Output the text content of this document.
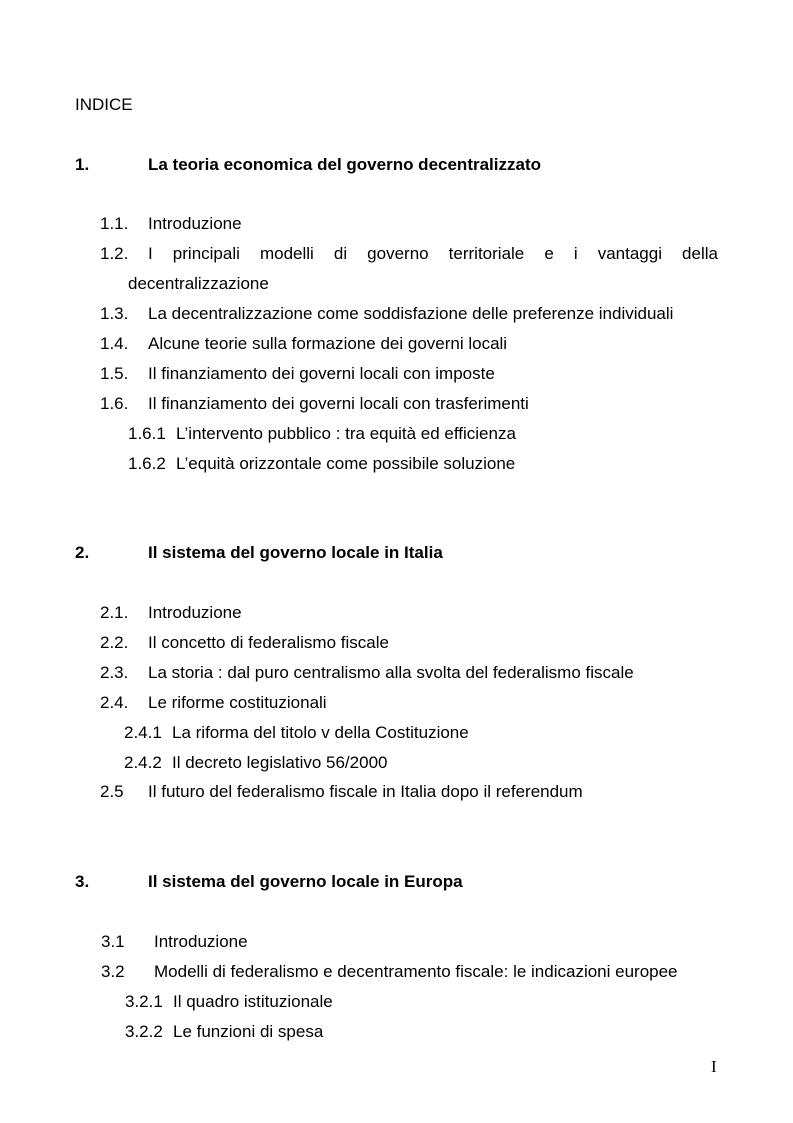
INDICE
1.	La teoria economica del governo decentralizzato
1.1. Introduzione
1.2. I principali modelli di governo territoriale e i vantaggi della
decentralizzazione
1.3. La decentralizzazione come soddisfazione delle preferenze individuali
1.4. Alcune teorie sulla formazione dei governi locali
1.5. Il finanziamento dei governi locali con imposte
1.6. Il finanziamento dei governi locali con trasferimenti
1.6.1 L’intervento pubblico : tra equità ed efficienza
1.6.2 L’equità orizzontale come possibile soluzione
2.	Il sistema del governo locale in Italia
2.1. Introduzione
2.2. Il concetto di federalismo fiscale
2.3. La storia : dal puro centralismo alla svolta del federalismo fiscale
2.4. Le riforme costituzionali
2.4.1 La riforma del titolo v della Costituzione
2.4.2 Il decreto legislativo 56/2000
2.5 Il futuro del federalismo fiscale in Italia dopo il referendum
3.	Il sistema del governo locale in Europa
3.1 Introduzione
3.2 Modelli di federalismo e decentramento fiscale: le indicazioni europee
3.2.1 Il quadro istituzionale
3.2.2 Le funzioni di spesa
I
